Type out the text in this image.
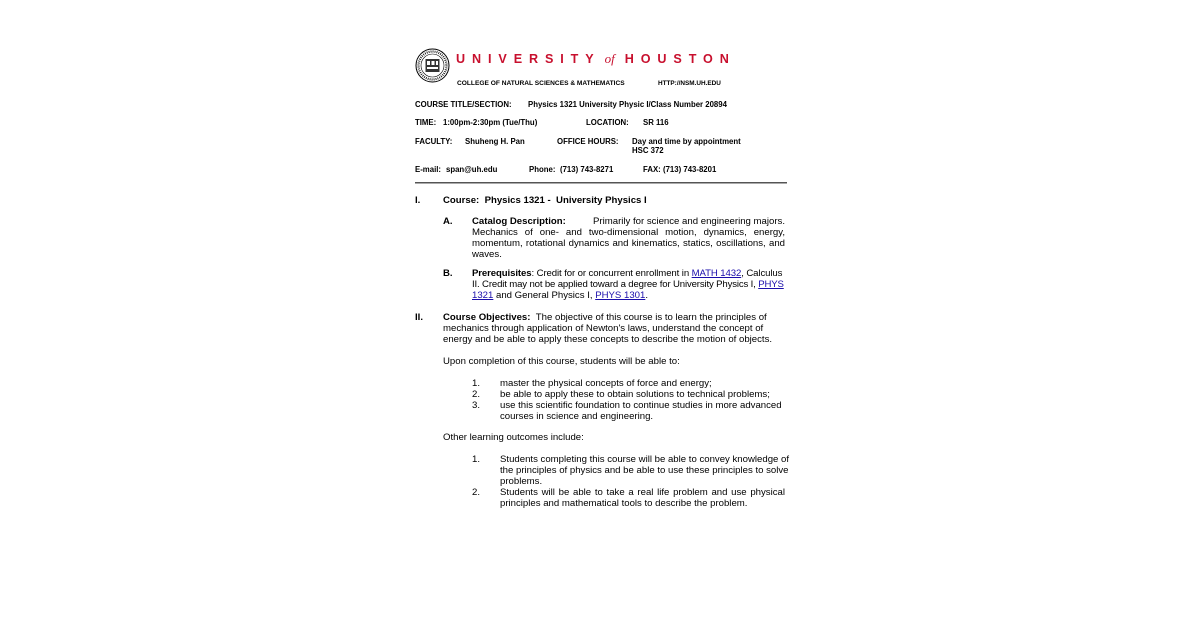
UNIVERSITY of HOUSTON
COLLEGE OF NATURAL SCIENCES & MATHEMATICS	HTTP://NSM.UH.EDU
COURSE TITLE/SECTION: Physics 1321 University Physic I/Class Number 20894
TIME: 1:00pm-2:30pm (Tue/Thu)	LOCATION: SR 116
FACULTY: Shuheng H. Pan	OFFICE HOURS: Day and time by appointment
HSC 372
E-mail: span@uh.edu	Phone: (713) 743-8271	FAX: (713) 743-8201
I. Course:  Physics 1321 -  University Physics I
A. Catalog Description:	Primarily for science and engineering majors.
Mechanics of one- and two-dimensional motion, dynamics, energy,
momentum, rotational dynamics and kinematics, statics, oscillations, and
waves.
B. Prerequisites: Credit for or concurrent enrollment in MATH 1432, Calculus
II. Credit may not be applied toward a degree for University Physics I, PHYS
1321 and General Physics I, PHYS 1301.
II. Course Objectives: The objective of this course is to learn the principles of
mechanics through application of Newton's laws, understand the concept of
energy and be able to apply these concepts to describe the motion of objects.
Upon completion of this course, students will be able to:
1. master the physical concepts of force and energy;
2. be able to apply these to obtain solutions to technical problems;
3. use this scientific foundation to continue studies in more advanced
courses in science and engineering.
Other learning outcomes include:
1. Students completing this course will be able to convey knowledge of
the principles of physics and be able to use these principles to solve
problems.
2. Students will be able to take a real life problem and use physical
principles and mathematical tools to describe the problem.
